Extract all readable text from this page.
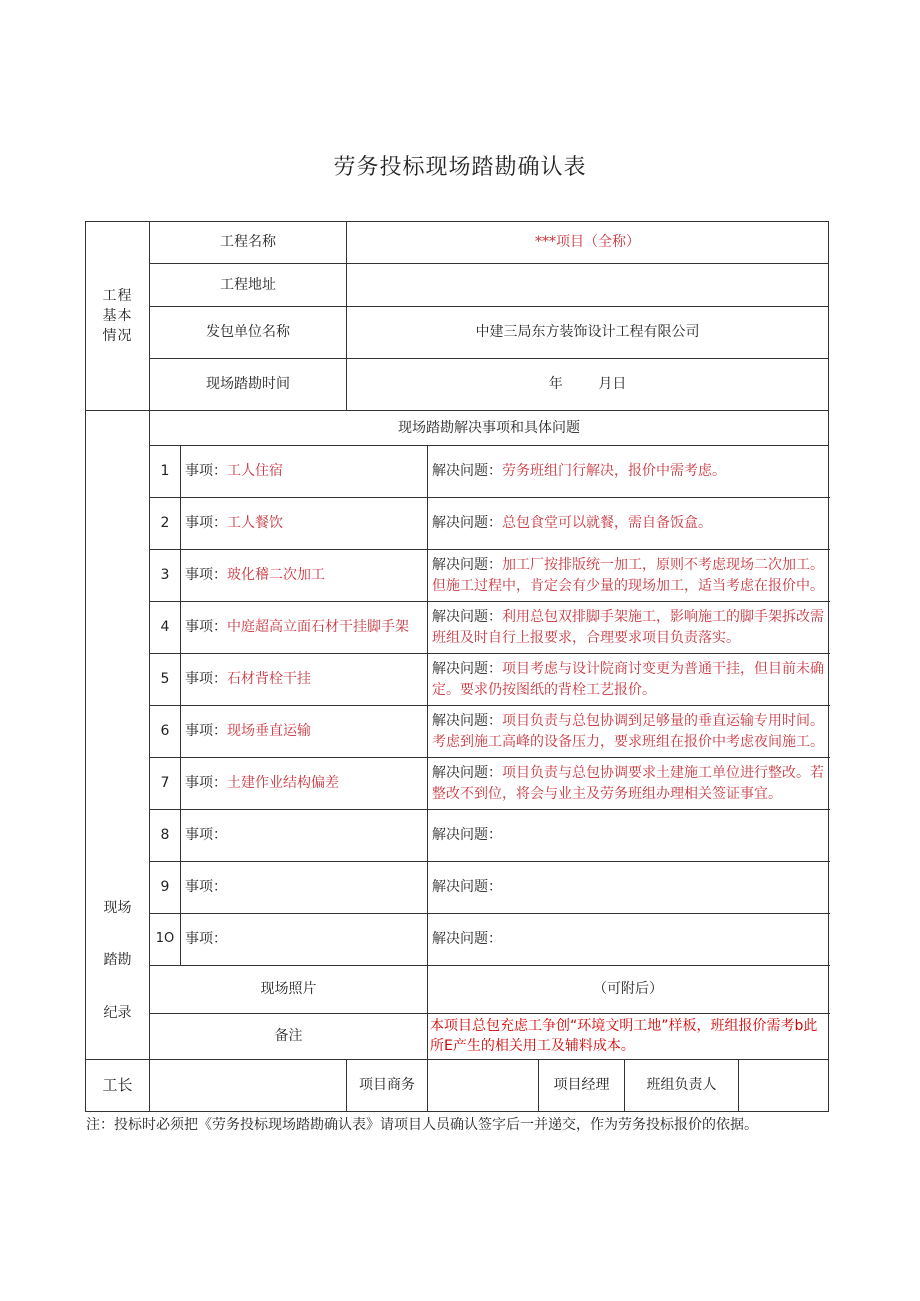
劳务投标现场踏勘确认表
工程基本情况	工程名称		***项目（全称）				
	工程地址						
	发包单位名称		中建三局东方装饰设计工程有限公司				
	现场踏勘时间		年        月日				

现场
踏勘
纪录	现场踏勘解决事项和具体问题						
	1	事项：工人住宿		解决问题：劳务班组门行解决，报价中需考虑。			
	2	事项：工人餐饮		解决问题：总包食堂可以就餐，需自备饭盒。			
	3	事项：玻化稽二次加工		解决问题：加工厂按排版统一加工，原则不考虑现场二次加工。但施工过程中，肯定会有少量的现场加工，适当考虑在报价中。			
	4	事项：中庭超高立面石材干挂脚手架		解决问题：利用总包双排脚手架施工，影响施工的脚手架拆改需班组及时自行上报要求，合理要求项目负责落实。			
	5	事项：石材背栓干挂		解决问题：项目考虑与设计院商讨变更为普通干挂，但目前未确定。要求仍按图纸的背栓工艺报价。			
	6	事项：现场垂直运输		解决问题：项目负责与总包协调到足够量的垂直运输专用时间。考虑到施工高峰的设备压力，要求班组在报价中考虑夜间施工。			
	7	事项：土建作业结构偏差		解决问题：项目负责与总包协调要求土建施工单位进行整改。若整改不到位，将会与业主及劳务班组办理相关签证事宜。			
	8	事项：		解决问题：			
	9	事项：		解决问题：			
	1O	事项：		解决问题：			
	现场照片			（可附后）			
	备注			本项目总包充虑工争创“环境文明工地”样板，班组报价需考b此所E产生的相关用工及辅料成本。			
工长			项目商务		项目经理	班组负责人	
注：投标时必须把《劳务投标现场踏勘确认表》请项目人员确认签字后一并递交，作为劳务投标报价的依据。
